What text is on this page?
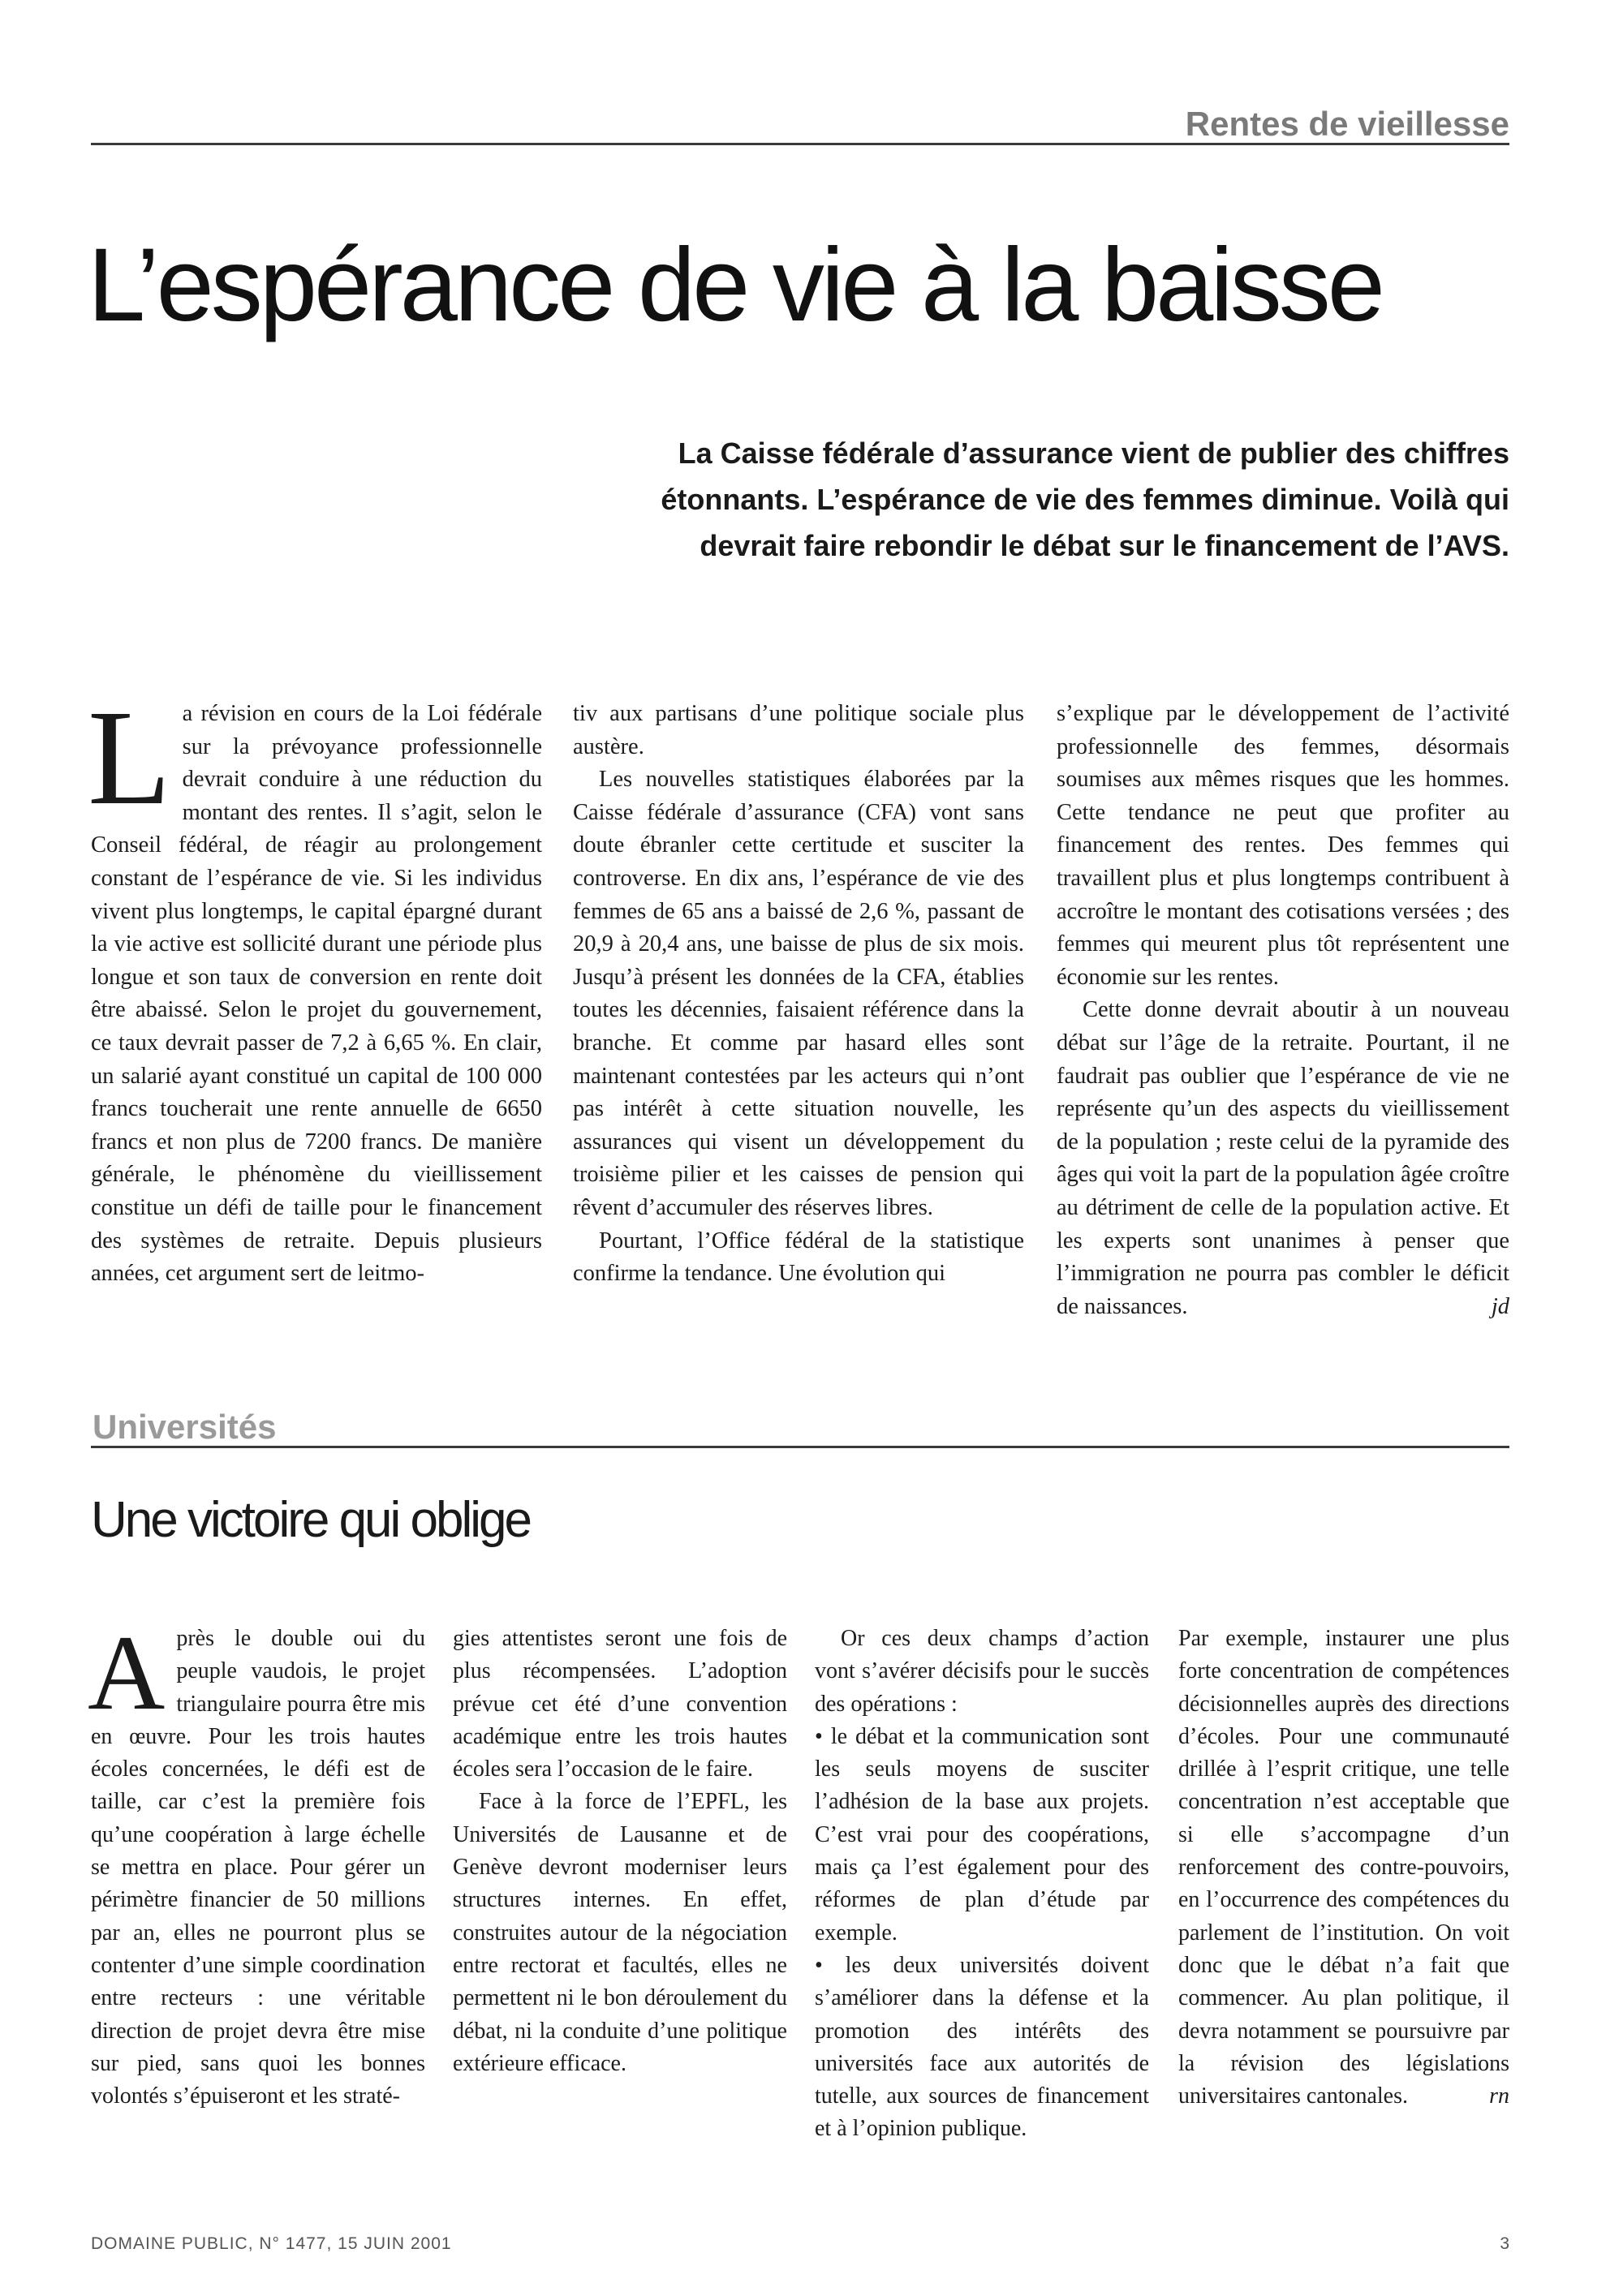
Rentes de vieillesse
L’espérance de vie à la baisse

La Caisse fédérale d’assurance vient de publier des chiffres étonnants. L’espérance de vie des femmes diminue. Voilà qui devrait faire rebondir le débat sur le financement de l’AVS.

La révision en cours de la Loi fédérale sur la prévoyance professionnelle devrait conduire à une réduction du montant des rentes. Il s’agit, selon le Conseil fédéral, de réagir au prolongement constant de l’espérance de vie. Si les individus vivent plus longtemps, le capital épargné durant la vie active est sollicité durant une période plus longue et son taux de conversion en rente doit être abaissé. Selon le projet du gouvernement, ce taux devrait passer de 7,2 à 6,65 %. En clair, un salarié ayant constitué un capital de 100 000 francs toucherait une rente annuelle de 6650 francs et non plus de 7200 francs. De manière générale, le phénomène du vieillissement constitue un défi de taille pour le financement des systèmes de retraite. Depuis plusieurs années, cet argument sert de leitmo-

tiv aux partisans d’une politique sociale plus austère.

Les nouvelles statistiques élaborées par la Caisse fédérale d’assurance (CFA) vont sans doute ébranler cette certitude et susciter la controverse. En dix ans, l’espérance de vie des femmes de 65 ans a baissé de 2,6 %, passant de 20,9 à 20,4 ans, une baisse de plus de six mois. Jusqu’à présent les données de la CFA, établies toutes les décennies, faisaient référence dans la branche. Et comme par hasard elles sont maintenant contestées par les acteurs qui n’ont pas intérêt à cette situation nouvelle, les assurances qui visent un développement du troisième pilier et les caisses de pension qui rêvent d’accumuler des réserves libres.

Pourtant, l’Office fédéral de la statistique confirme la tendance. Une évolution qui

s’explique par le développement de l’activité professionnelle des femmes, désormais soumises aux mêmes risques que les hommes. Cette tendance ne peut que profiter au financement des rentes. Des femmes qui travaillent plus et plus longtemps contribuent à accroître le montant des cotisations versées ; des femmes qui meurent plus tôt représentent une économie sur les rentes.

Cette donne devrait aboutir à un nouveau débat sur l’âge de la retraite. Pourtant, il ne faudrait pas oublier que l’espérance de vie ne représente qu’un des aspects du vieillissement de la population ; reste celui de la pyramide des âges qui voit la part de la population âgée croître au détriment de celle de la population active. Et les experts sont unanimes à penser que l’immigration ne pourra pas combler le déficit de naissances.	jd

Universités
Une victoire qui oblige

Après le double oui du peuple vaudois, le projet triangulaire pourra être mis en œuvre. Pour les trois hautes écoles concernées, le défi est de taille, car c’est la première fois qu’une coopération à large échelle se mettra en place. Pour gérer un périmètre financier de 50 millions par an, elles ne pourront plus se contenter d’une simple coordination entre recteurs : une véritable direction de projet devra être mise sur pied, sans quoi les bonnes volontés s’épuiseront et les straté-

gies attentistes seront une fois de plus récompensées. L’adoption prévue cet été d’une convention académique entre les trois hautes écoles sera l’occasion de le faire.

Face à la force de l’EPFL, les Universités de Lausanne et de Genève devront moderniser leurs structures internes. En effet, construites autour de la négociation entre rectorat et facultés, elles ne permettent ni le bon déroulement du débat, ni la conduite d’une politique extérieure efficace.

Or ces deux champs d’action vont s’avérer décisifs pour le succès des opérations :

• le débat et la communication sont les seuls moyens de susciter l’adhésion de la base aux projets. C’est vrai pour des coopérations, mais ça l’est également pour des réformes de plan d’étude par exemple.

• les deux universités doivent s’améliorer dans la défense et la promotion des intérêts des universités face aux autorités de tutelle, aux sources de financement et à l’opinion publique.

Par exemple, instaurer une plus forte concentration de compétences décisionnelles auprès des directions d’écoles. Pour une communauté drillée à l’esprit critique, une telle concentration n’est acceptable que si elle s’accompagne d’un renforcement des contre-pouvoirs, en l’occurrence des compétences du parlement de l’institution. On voit donc que le débat n’a fait que commencer. Au plan politique, il devra notamment se poursuivre par la révision des législations universitaires cantonales.	rn

DOMAINE PUBLIC, N° 1477, 15 JUIN 2001	3
